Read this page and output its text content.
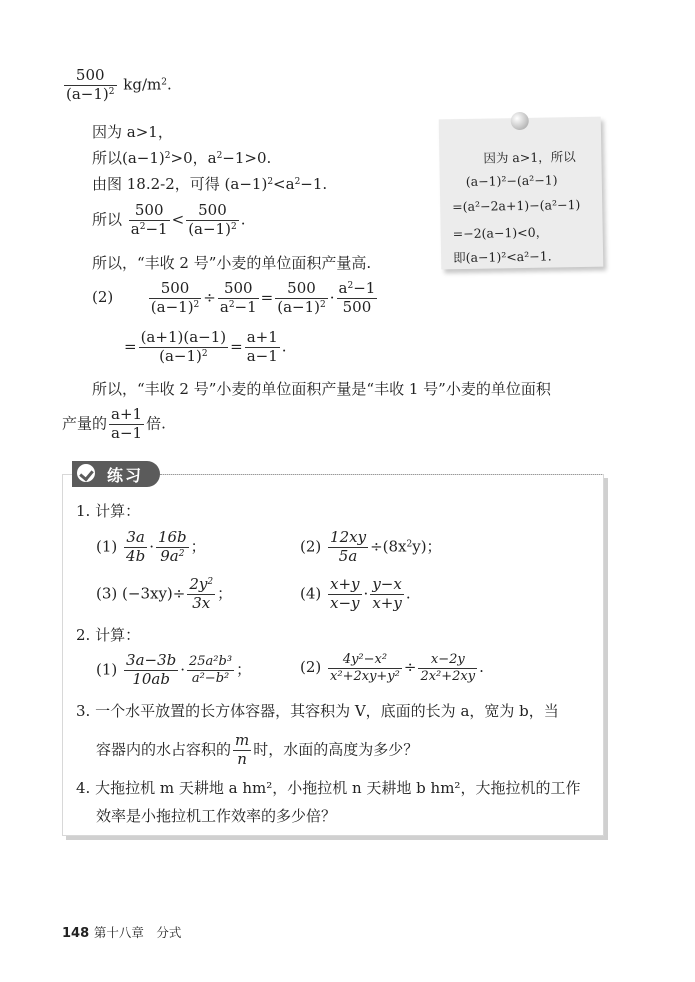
$\frac{500}{(a-1)^2} kg/m^2$.
因为 a>1，
所以$(a-1)^2>0$，$a^2-1>0$.
由图 18.2-2，可得 $(a-1)^2<a^2-1$.
所以 $\frac{500}{a^2-1} < \frac{500}{(a-1)^2}$ .
所以，“丰收 2 号”小麦的单位面积产量高.
$(2) \frac{500}{(a-1)^2} \div \frac{500}{a^2-1} = \frac{500}{(a-1)^2} \cdot \frac{a^2-1}{500}$
= $\frac{(a+1)(a-1)}{(a-1)^2} = \frac{a+1}{a-1}$ .
所以，“丰收 2 号”小麦的单位面积产量是“丰收 1 号”小麦的单位面积
产量的 $\frac{a+1}{a-1}$ 倍.
因为 a>1，所以
(a−1)²−(a²−1)
=(a²−2a+1)−(a²−1)
=−2(a−1)<0，
即(a−1)²<a²−1.
练习
1. 计算：
$(1) \frac{3a}{4b} \cdot \frac{16b}{9a^2}$ ；	$(2) \frac{12xy}{5a} \div(8x^2y)$；
(3) $(-3xy)\div \frac{2y^2}{3x}$ ；	$(4) \frac{x+y}{x-y} \cdot \frac{y-x}{x+y}$ .
2. 计算：
$(1) \frac{3a-3b}{10ab} \cdot \frac{\text{25a²b³}}{\text{a²−b²}}$ ；	$(2) \frac{\text{4y²−x²}}{\text{x²+2xy+y²}} \div \frac{x-2y}{\text{2x²+2xy}}$ .
3. 一个水平放置的长方体容器，其容积为 V，底面的长为 a，宽为 b，当
容器内的水占容积的 $\frac{m}{n}$ 时，水面的高度为多少？
4. 大拖拉机 m 天耕地 a hm²，小拖拉机 n 天耕地 b hm²，大拖拉机的工作
效率是小拖拉机工作效率的多少倍？
148 第十八章　分式
